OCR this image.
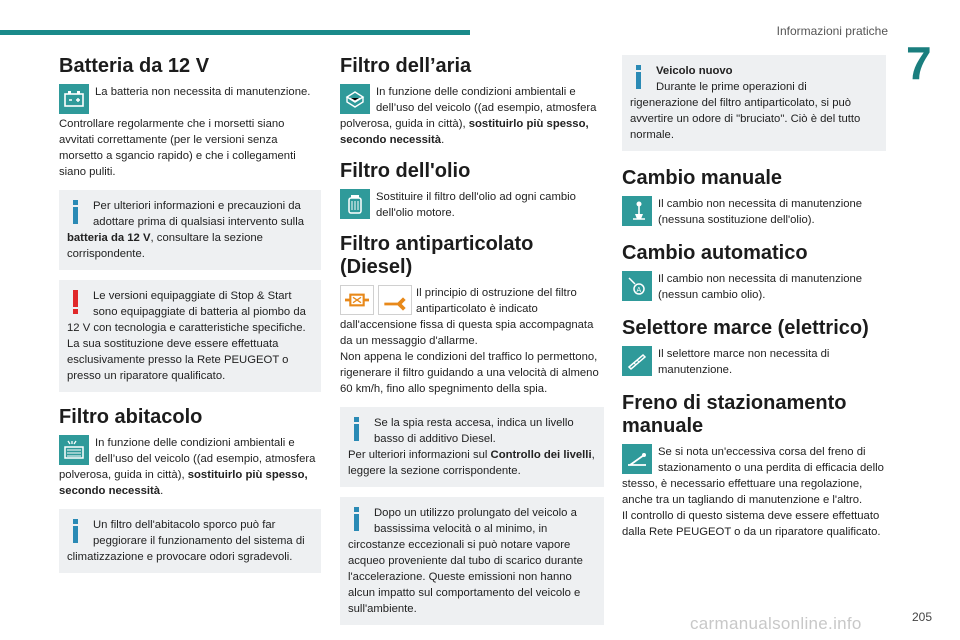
Informazioni pratiche
7
Batteria da 12 V
La batteria non necessita di manutenzione.
Controllare regolarmente che i morsetti siano avvitati correttamente (per le versioni senza morsetto a sgancio rapido) e che i collegamenti siano puliti.
Per ulteriori informazioni e precauzioni da adottare prima di qualsiasi intervento sulla batteria da 12 V, consultare la sezione corrispondente.
Le versioni equipaggiate di Stop & Start sono equipaggiate di batteria al piombo da 12 V con tecnologia e caratteristiche specifiche.
La sua sostituzione deve essere effettuata esclusivamente presso la Rete PEUGEOT o presso un riparatore qualificato.
Filtro abitacolo
In funzione delle condizioni ambientali e dell’uso del veicolo ((ad esempio, atmosfera polverosa, guida in città), sostituirlo più spesso, secondo necessità.
Un filtro dell'abitacolo sporco può far peggiorare il funzionamento del sistema di climatizzazione e provocare odori sgradevoli.
Filtro dell’aria
In funzione delle condizioni ambientali e dell’uso del veicolo ((ad esempio, atmosfera polverosa, guida in città), sostituirlo più spesso, secondo necessità.
Filtro dell'olio
Sostituire il filtro dell'olio ad ogni cambio dell'olio motore.
Filtro antiparticolato (Diesel)
Il principio di ostruzione del filtro antiparticolato è indicato dall'accensione fissa di questa spia accompagnata da un messaggio d'allarme.
Non appena le condizioni del traffico lo permettono, rigenerare il filtro guidando a una velocità di almeno 60 km/h, fino allo spegnimento della spia.
Se la spia resta accesa, indica un livello basso di additivo Diesel.
Per ulteriori informazioni sul Controllo dei livelli, leggere la sezione corrispondente.
Dopo un utilizzo prolungato del veicolo a bassissima velocità o al minimo, in circostanze eccezionali si può notare vapore acqueo proveniente dal tubo di scarico durante l'accelerazione. Queste emissioni non hanno alcun impatto sul comportamento del veicolo e sull'ambiente.
Veicolo nuovo
Durante le prime operazioni di rigenerazione del filtro antiparticolato, si può avvertire un odore di "bruciato". Ciò è del tutto normale.
Cambio manuale
Il cambio non necessita di manutenzione (nessuna sostituzione dell'olio).
Cambio automatico
A
Il cambio non necessita di manutenzione (nessun cambio olio).
Selettore marce (elettrico)
Il selettore marce non necessita di manutenzione.
Freno di stazionamento manuale
Se si nota un'eccessiva corsa del freno di stazionamento o una perdita di efficacia dello stesso, è necessario effettuare una regolazione, anche tra un tagliando di manutenzione e l'altro.
Il controllo di questo sistema deve essere effettuato dalla Rete PEUGEOT o da un riparatore qualificato.
205
carmanualsonline.info
